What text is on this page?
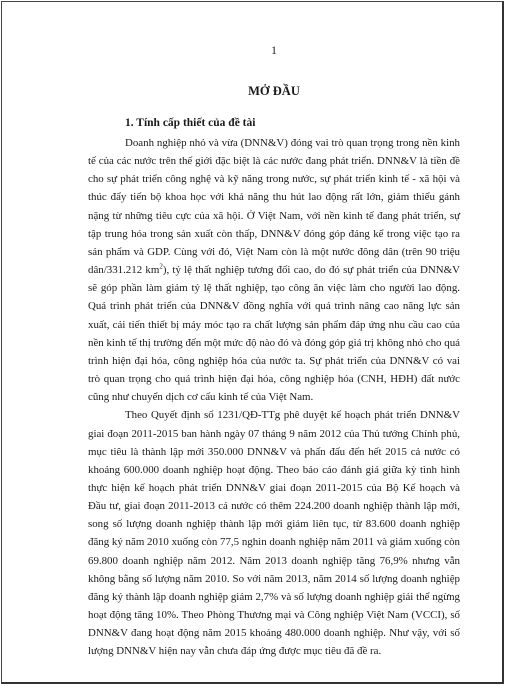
1

MỞ ĐẦU
1. Tính cấp thiết của đề tài

Doanh nghiệp nhỏ và vừa (DNN&V) đóng vai trò quan trọng trong nền kinh tế của các nước trên thế giới đặc biệt là các nước đang phát triển. DNN&V là tiền đề cho sự phát triển công nghệ và kỹ năng trong nước, sự phát triển kinh tế - xã hội và thúc đẩy tiến bộ khoa học với khả năng thu hút lao động rất lớn, giảm thiểu gánh nặng từ những tiêu cực của xã hội. Ở Việt Nam, với nền kinh tế đang phát triển, sự tập trung hóa trong sản xuất còn thấp, DNN&V đóng góp đáng kể trong việc tạo ra sản phẩm và GDP. Cùng với đó, Việt Nam còn là một nước đông dân (trên 90 triệu dân/331.212 $km^2$), tỷ lệ thất nghiệp tương đối cao, do đó sự phát triển của DNN&V sẽ góp phần làm giảm tỷ lệ thất nghiệp, tạo công ăn việc làm cho người lao động. Quá trình phát triển của DNN&V đồng nghĩa với quá trình nâng cao năng lực sản xuất, cải tiến thiết bị máy móc tạo ra chất lượng sản phẩm đáp ứng nhu cầu cao của nền kinh tế thị trường đến một mức độ nào đó và đóng góp giá trị không nhỏ cho quá trình hiện đại hóa, công nghiệp hóa của nước ta. Sự phát triển của DNN&V có vai trò quan trọng cho quá trình hiện đại hóa, công nghiệp hóa (CNH, HĐH) đất nước cũng như chuyển dịch cơ cấu kinh tế của Việt Nam.

Theo Quyết định số 1231/QĐ-TTg phê duyệt kế hoạch phát triển DNN&V giai đoạn 2011-2015 ban hành ngày 07 tháng 9 năm 2012 của Thủ tướng Chính phủ, mục tiêu là thành lập mới 350.000 DNN&V và phấn đấu đến hết 2015 cả nước có khoảng 600.000 doanh nghiệp hoạt động. Theo báo cáo đánh giá giữa kỳ tình hình thực hiện kế hoạch phát triển DNN&V giai đoạn 2011-2015 của Bộ Kế hoạch và Đầu tư, giai đoạn 2011-2013 cả nước có thêm 224.200 doanh nghiệp thành lập mới, song số lượng doanh nghiệp thành lập mới giảm liên tục, từ 83.600 doanh nghiệp đăng ký năm 2010 xuống còn 77,5 nghìn doanh nghiệp năm 2011 và giảm xuống còn 69.800 doanh nghiệp năm 2012. Năm 2013 doanh nghiệp tăng 76,9% nhưng vẫn không bằng số lượng năm 2010. So với năm 2013, năm 2014 số lượng doanh nghiệp đăng ký thành lập doanh nghiệp giảm 2,7% và số lượng doanh nghiệp giải thể ngừng hoạt động tăng 10%. Theo Phòng Thương mại và Công nghiệp Việt Nam (VCCI), số DNN&V đang hoạt động năm 2015 khoảng 480.000 doanh nghiệp. Như vậy, với số lượng DNN&V hiện nay vẫn chưa đáp ứng được mục tiêu đã đề ra.
